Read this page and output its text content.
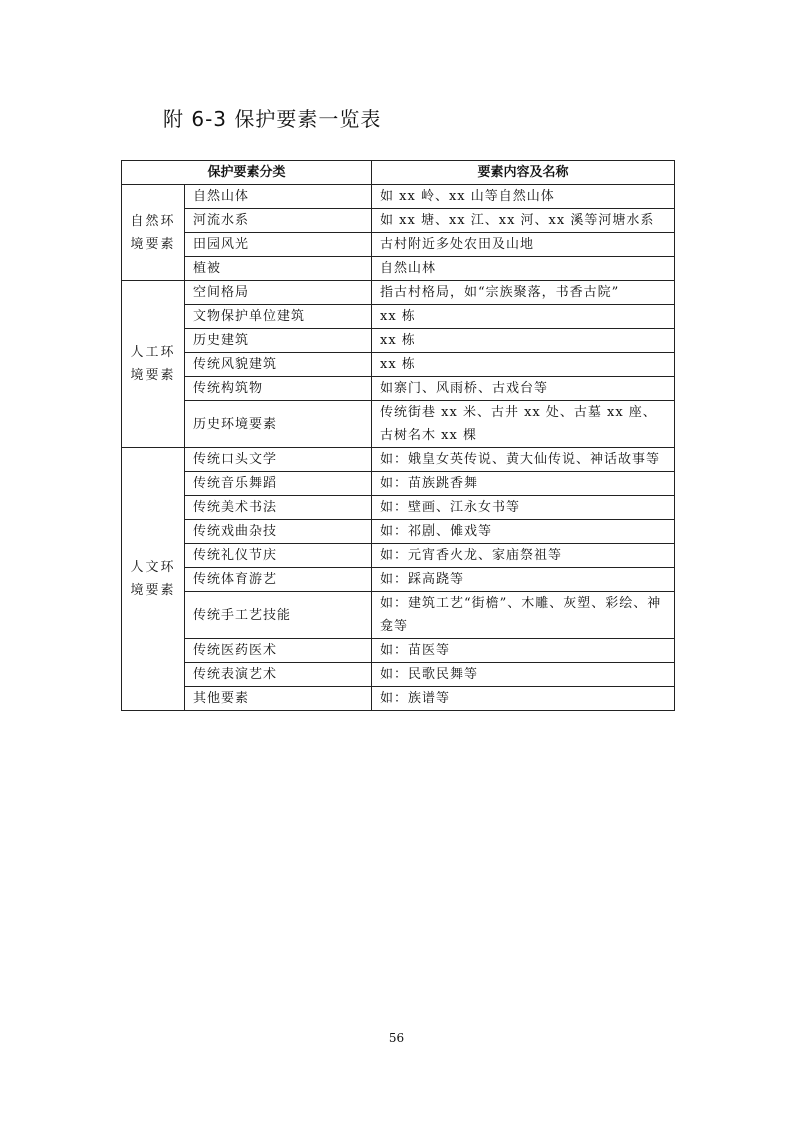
附 6-3 保护要素一览表
保护要素分类		要素内容及名称
自然环境要素	自然山体	如 xx 岭、xx 山等自然山体
	河流水系	如 xx 塘、xx 江、xx 河、xx 溪等河塘水系
	田园风光	古村附近多处农田及山地
	植被	自然山林
人工环境要素	空间格局	指古村格局，如“宗族聚落，书香古院”
	文物保护单位建筑	xx 栋
	历史建筑	xx 栋
	传统风貌建筑	xx 栋
	传统构筑物	如寨门、风雨桥、古戏台等
	历史环境要素	传统街巷 xx 米、古井 xx 处、古墓 xx 座、古树名木 xx 棵
人文环境要素	传统口头文学	如：娥皇女英传说、黄大仙传说、神话故事等
	传统音乐舞蹈	如：苗族跳香舞
	传统美术书法	如：壁画、江永女书等
	传统戏曲杂技	如：祁剧、傩戏等
	传统礼仪节庆	如：元宵香火龙、家庙祭祖等
	传统体育游艺	如：踩高跷等
	传统手工艺技能	如：建筑工艺“街檐”、木雕、灰塑、彩绘、神龛等
	传统医药医术	如：苗医等
	传统表演艺术	如：民歌民舞等
	其他要素	如：族谱等
56
